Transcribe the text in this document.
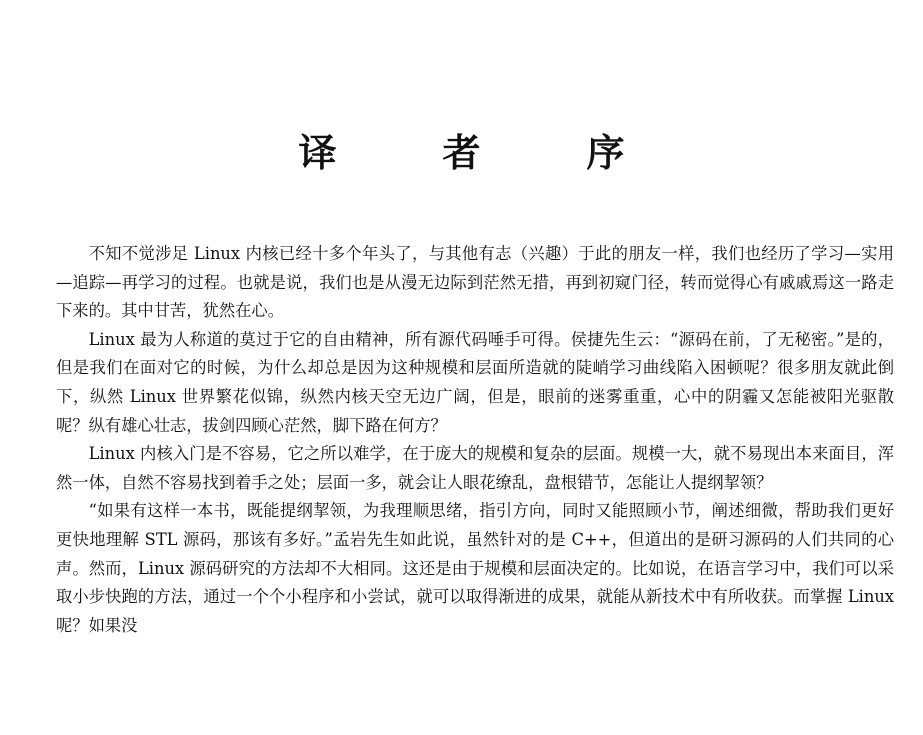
译　者　序

不知不觉涉足 Linux 内核已经十多个年头了，与其他有志（兴趣）于此的朋友一样，我们也经历了学习—实用—追踪—再学习的过程。也就是说，我们也是从漫无边际到茫然无措，再到初窥门径，转而觉得心有戚戚焉这一路走下来的。其中甘苦，犹然在心。

Linux 最为人称道的莫过于它的自由精神，所有源代码唾手可得。侯捷先生云：“源码在前，了无秘密。”是的，但是我们在面对它的时候，为什么却总是因为这种规模和层面所造就的陡峭学习曲线陷入困顿呢？很多朋友就此倒下，纵然 Linux 世界繁花似锦，纵然内核天空无边广阔，但是，眼前的迷雾重重，心中的阴霾又怎能被阳光驱散呢？纵有雄心壮志，拔剑四顾心茫然，脚下路在何方？

Linux 内核入门是不容易，它之所以难学，在于庞大的规模和复杂的层面。规模一大，就不易现出本来面目，浑然一体，自然不容易找到着手之处；层面一多，就会让人眼花缭乱，盘根错节，怎能让人提纲挈领？

“如果有这样一本书，既能提纲挈领，为我理顺思绪，指引方向，同时又能照顾小节，阐述细微，帮助我们更好更快地理解 STL 源码，那该有多好。”孟岩先生如此说，虽然针对的是 C++，但道出的是研习源码的人们共同的心声。然而，Linux 源码研究的方法却不大相同。这还是由于规模和层面决定的。比如说，在语言学习中，我们可以采取小步快跑的方法，通过一个个小程序和小尝试，就可以取得渐进的成果，就能从新技术中有所收获。而掌握 Linux 呢？如果没
